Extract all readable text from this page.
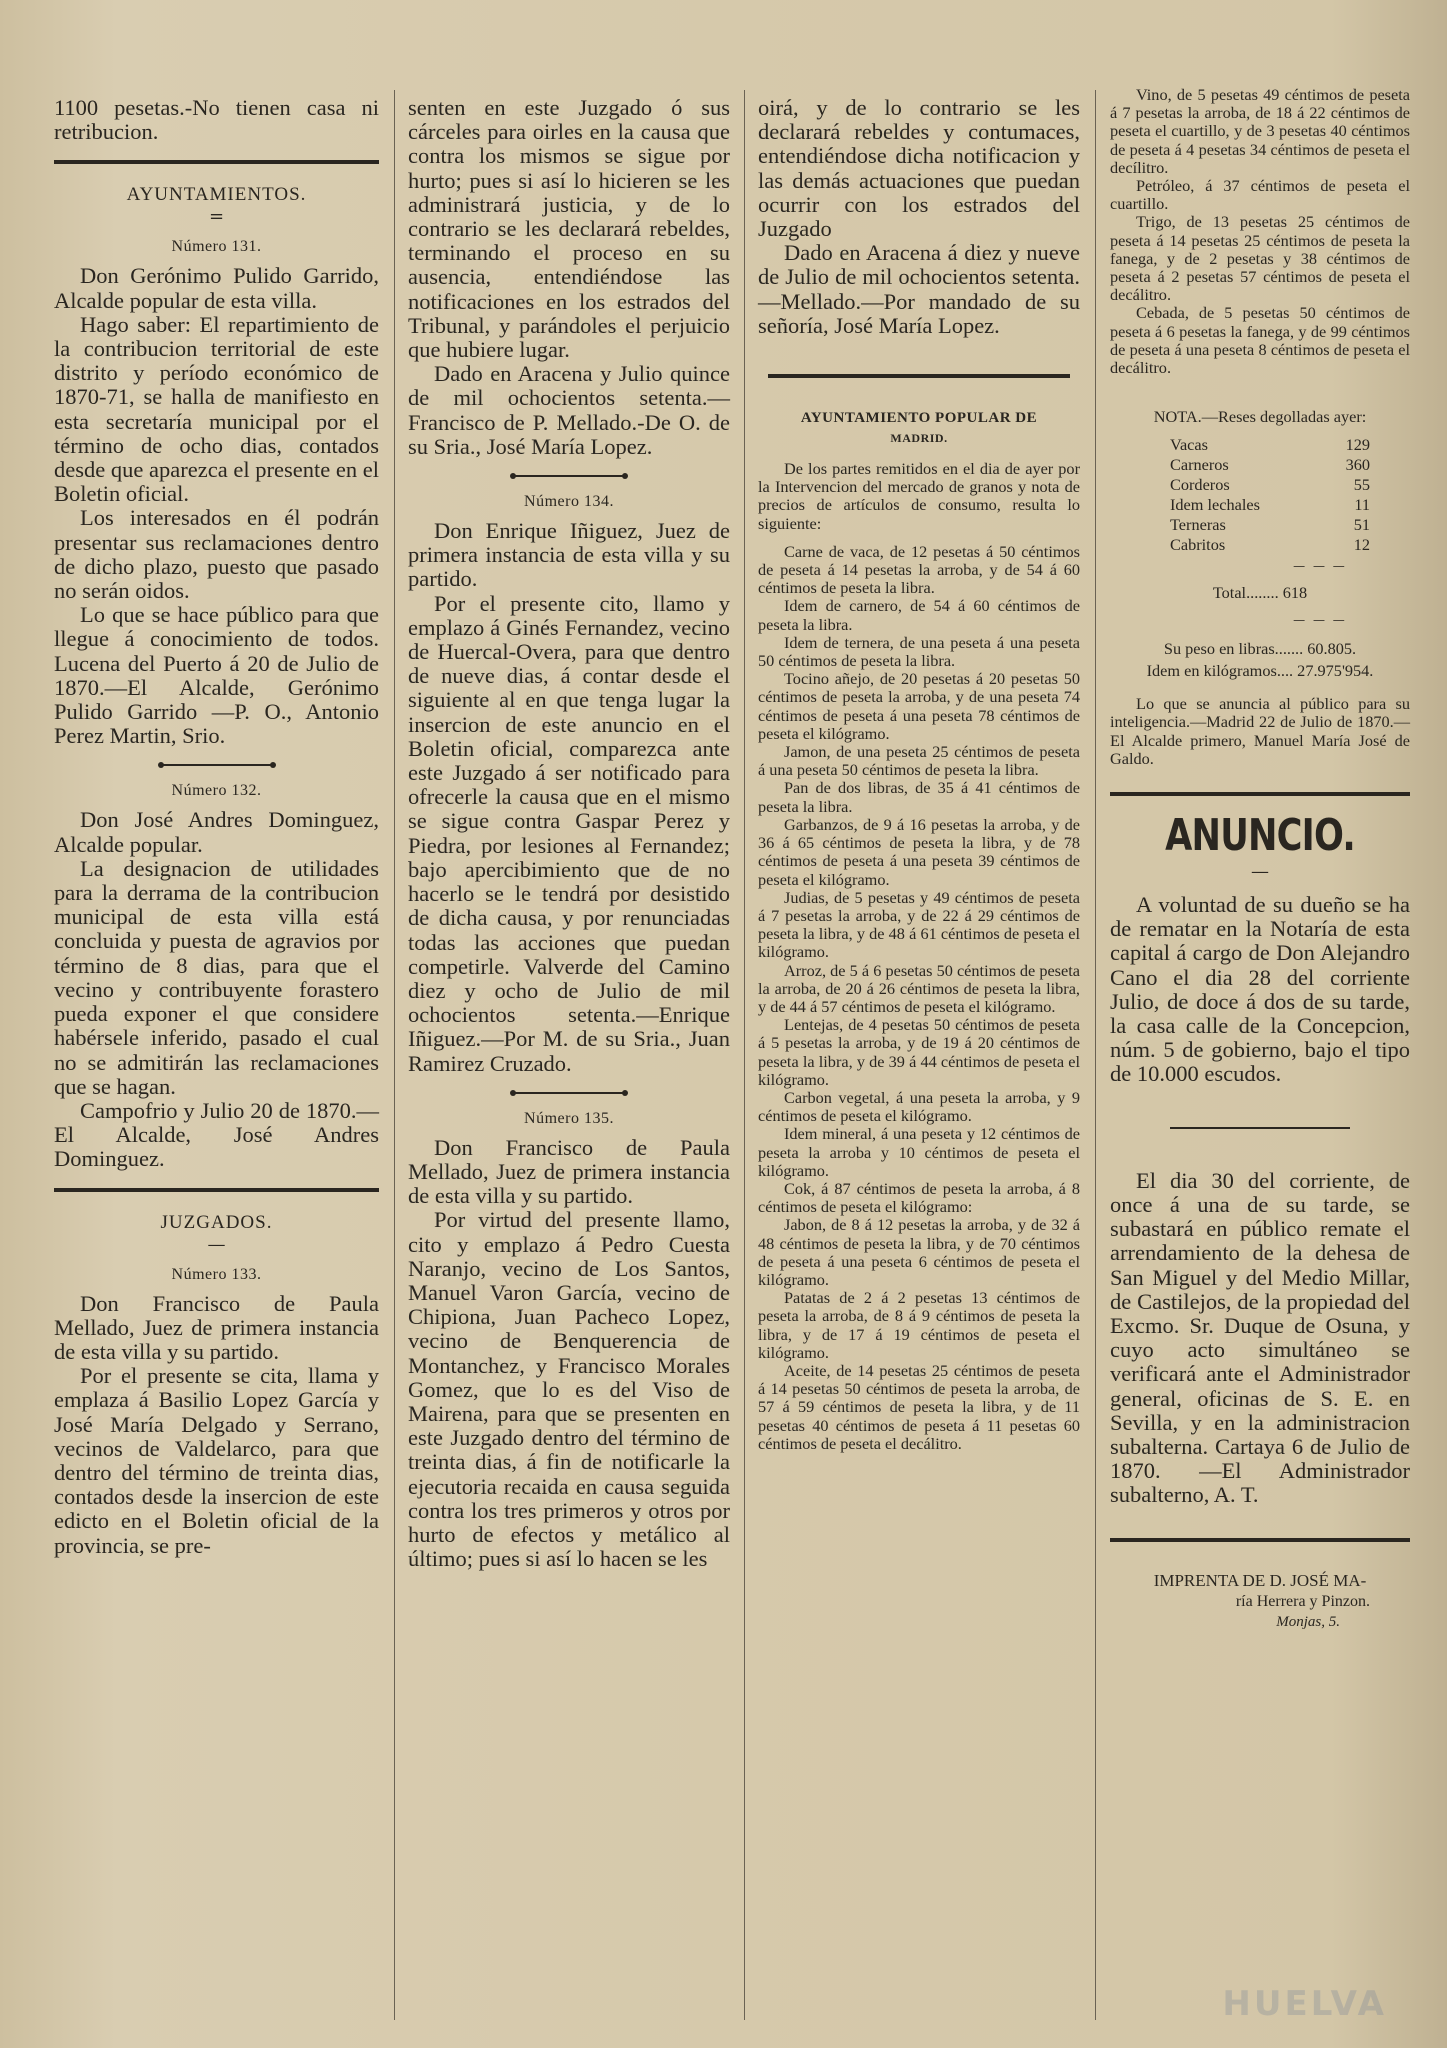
1100 pesetas.-No tienen casa ni retribucion.

AYUNTAMIENTOS.
=
Número 131.

Don Gerónimo Pulido Garrido, Alcalde popular de esta villa.

Hago saber: El repartimiento de la contribucion territorial de este distrito y período económico de 1870-71, se halla de manifiesto en esta secretaría municipal por el término de ocho dias, contados desde que aparezca el presente en el Boletin oficial.

Los interesados en él podrán presentar sus reclamaciones dentro de dicho plazo, puesto que pasado no serán oidos.

Lo que se hace público para que llegue á conocimiento de todos. Lucena del Puerto á 20 de Julio de 1870.—El Alcalde, Gerónimo Pulido Garrido —P. O., Antonio Perez Martin, Srio.

Número 132.

Don José Andres Dominguez, Alcalde popular.

La designacion de utilidades para la derrama de la contribucion municipal de esta villa está concluida y puesta de agravios por término de 8 dias, para que el vecino y contribuyente forastero pueda exponer el que considere habérsele inferido, pasado el cual no se admitirán las reclamaciones que se hagan.

Campofrio y Julio 20 de 1870.—El Alcalde, José Andres Dominguez.

JUZGADOS.
—
Número 133.

Don Francisco de Paula Mellado, Juez de primera instancia de esta villa y su partido.

Por el presente se cita, llama y emplaza á Basilio Lopez García y José María Delgado y Serrano, vecinos de Valdelarco, para que dentro del término de treinta dias, contados desde la insercion de este edicto en el Boletin oficial de la provincia, se pre-

senten en este Juzgado ó sus cárceles para oirles en la causa que contra los mismos se sigue por hurto; pues si así lo hicieren se les administrará justicia, y de lo contrario se les declarará rebeldes, terminando el proceso en su ausencia, entendiéndose las notificaciones en los estrados del Tribunal, y parándoles el perjuicio que hubiere lugar.

Dado en Aracena y Julio quince de mil ochocientos setenta.—Francisco de P. Mellado.-De O. de su Sria., José María Lopez.

Número 134.

Don Enrique Iñiguez, Juez de primera instancia de esta villa y su partido.

Por el presente cito, llamo y emplazo á Ginés Fernandez, vecino de Huercal-Overa, para que dentro de nueve dias, á contar desde el siguiente al en que tenga lugar la insercion de este anuncio en el Boletin oficial, comparezca ante este Juzgado á ser notificado para ofrecerle la causa que en el mismo se sigue contra Gaspar Perez y Piedra, por lesiones al Fernandez; bajo apercibimiento que de no hacerlo se le tendrá por desistido de dicha causa, y por renunciadas todas las acciones que puedan competirle. Valverde del Camino diez y ocho de Julio de mil ochocientos setenta.—Enrique Iñiguez.—Por M. de su Sria., Juan Ramirez Cruzado.

Número 135.

Don Francisco de Paula Mellado, Juez de primera instancia de esta villa y su partido.

Por virtud del presente llamo, cito y emplazo á Pedro Cuesta Naranjo, vecino de Los Santos, Manuel Varon García, vecino de Chipiona, Juan Pacheco Lopez, vecino de Benquerencia de Montanchez, y Francisco Morales Gomez, que lo es del Viso de Mairena, para que se presenten en este Juzgado dentro del término de treinta dias, á fin de notificarle la ejecutoria recaida en causa seguida contra los tres primeros y otros por hurto de efectos y metálico al último; pues si así lo hacen se les

oirá, y de lo contrario se les declarará rebeldes y contumaces, entendiéndose dicha notificacion y las demás actuaciones que puedan ocurrir con los estrados del Juzgado

Dado en Aracena á diez y nueve de Julio de mil ochocientos setenta.—Mellado.—Por mandado de su señoría, José María Lopez.

AYUNTAMIENTO POPULAR DE
MADRID.

De los partes remitidos en el dia de ayer por la Intervencion del mercado de granos y nota de precios de artículos de consumo, resulta lo siguiente:

Carne de vaca, de 12 pesetas á 50 céntimos de peseta á 14 pesetas la arroba, y de 54 á 60 céntimos de peseta la libra.

Idem de carnero, de 54 á 60 céntimos de peseta la libra.

Idem de ternera, de una peseta á una peseta 50 céntimos de peseta la libra.

Tocino añejo, de 20 pesetas á 20 pesetas 50 céntimos de peseta la arroba, y de una peseta 74 céntimos de peseta á una peseta 78 céntimos de peseta el kilógramo.

Jamon, de una peseta 25 céntimos de peseta á una peseta 50 céntimos de peseta la libra.

Pan de dos libras, de 35 á 41 céntimos de peseta la libra.

Garbanzos, de 9 á 16 pesetas la arroba, y de 36 á 65 céntimos de peseta la libra, y de 78 céntimos de peseta á una peseta 39 céntimos de peseta el kilógramo.

Judias, de 5 pesetas y 49 céntimos de peseta á 7 pesetas la arroba, y de 22 á 29 céntimos de peseta la libra, y de 48 á 61 céntimos de peseta el kilógramo.

Arroz, de 5 á 6 pesetas 50 céntimos de peseta la arroba, de 20 á 26 céntimos de peseta la libra, y de 44 á 57 céntimos de peseta el kilógramo.

Lentejas, de 4 pesetas 50 céntimos de peseta á 5 pesetas la arroba, y de 19 á 20 céntimos de peseta la libra, y de 39 á 44 céntimos de peseta el kilógramo.

Carbon vegetal, á una peseta la arroba, y 9 céntimos de peseta el kilógramo.

Idem mineral, á una peseta y 12 céntimos de peseta la arroba y 10 céntimos de peseta el kilógramo.

Cok, á 87 céntimos de peseta la arroba, á 8 céntimos de peseta el kilógramo:

Jabon, de 8 á 12 pesetas la arroba, y de 32 á 48 céntimos de peseta la libra, y de 70 céntimos de peseta á una peseta 6 céntimos de peseta el kilógramo.

Patatas de 2 á 2 pesetas 13 céntimos de peseta la arroba, de 8 á 9 céntimos de peseta la libra, y de 17 á 19 céntimos de peseta el kilógramo.

Aceite, de 14 pesetas 25 céntimos de peseta á 14 pesetas 50 céntimos de peseta la arroba, de 57 á 59 céntimos de peseta la libra, y de 11 pesetas 40 céntimos de peseta á 11 pesetas 60 céntimos de peseta el decálitro.

Vino, de 5 pesetas 49 céntimos de peseta á 7 pesetas la arroba, de 18 á 22 céntimos de peseta el cuartillo, y de 3 pesetas 40 céntimos de peseta á 4 pesetas 34 céntimos de peseta el decílitro.

Petróleo, á 37 céntimos de peseta el cuartillo.

Trigo, de 13 pesetas 25 céntimos de peseta á 14 pesetas 25 céntimos de peseta la fanega, y de 2 pesetas y 38 céntimos de peseta á 2 pesetas 57 céntimos de peseta el decálitro.

Cebada, de 5 pesetas 50 céntimos de peseta á 6 pesetas la fanega, y de 99 céntimos de peseta á una peseta 8 céntimos de peseta el decálitro.

NOTA.—Reses degolladas ayer:
Vacas	129
Carneros	360
Corderos	55
Idem lechales	11
Terneras	51
Cabritos	12
— — —
Total........ 618
— — —
Su peso en libras....... 60.805.
Idem en kilógramos.... 27.975'954.

Lo que se anuncia al público para su inteligencia.—Madrid 22 de Julio de 1870.—El Alcalde primero, Manuel María José de Galdo.

ANUNCIO.
—

A voluntad de su dueño se ha de rematar en la Notaría de esta capital á cargo de Don Alejandro Cano el dia 28 del corriente Julio, de doce á dos de su tarde, la casa calle de la Concepcion, núm. 5 de gobierno, bajo el tipo de 10.000 escudos.

El dia 30 del corriente, de once á una de su tarde, se subastará en público remate el arrendamiento de la dehesa de San Miguel y del Medio Millar, de Castilejos, de la propiedad del Excmo. Sr. Duque de Osuna, y cuyo acto simultáneo se verificará ante el Administrador general, oficinas de S. E. en Sevilla, y en la administracion subalterna. Cartaya 6 de Julio de 1870. —El Administrador subalterno, A. T.

IMPRENTA DE D. JOSÉ MA-
ría Herrera y Pinzon.
Monjas, 5.
HUELVA
